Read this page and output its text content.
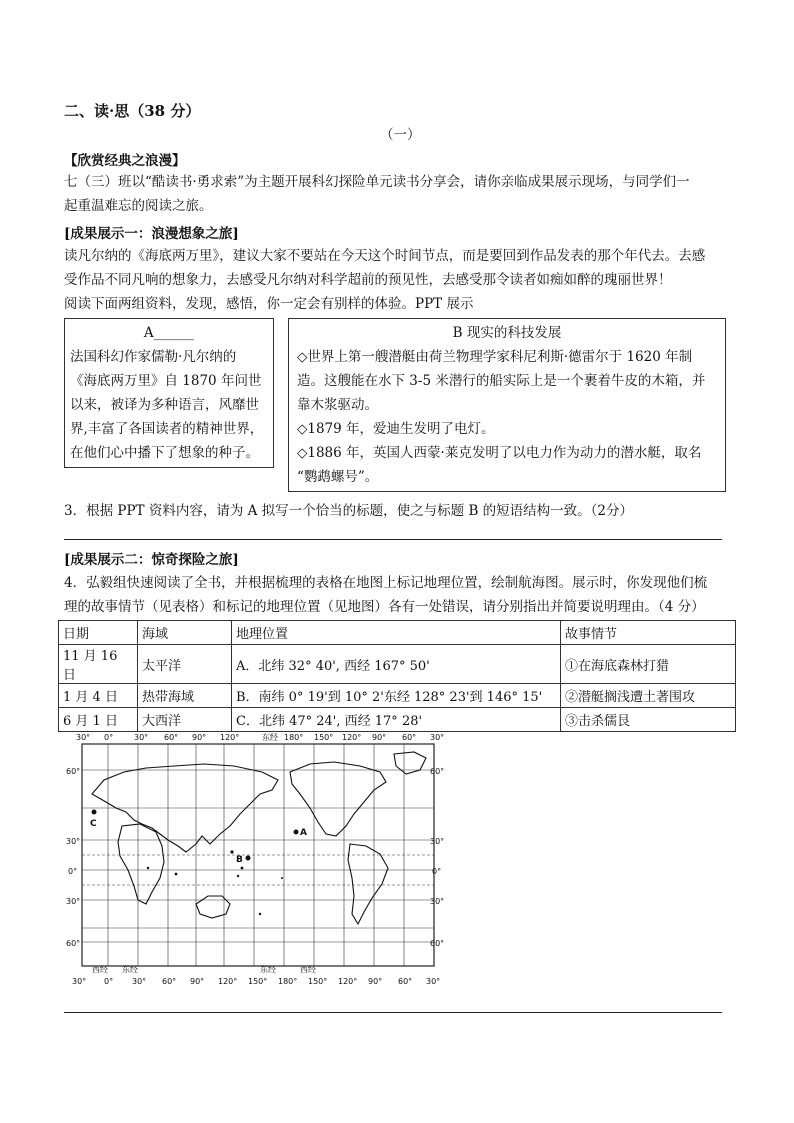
二、读·思（38 分）
（一）
【欣赏经典之浪漫】
七（三）班以“酷读书·勇求索”为主题开展科幻探险单元读书分享会，请你亲临成果展示现场，与同学们一
起重温难忘的阅读之旅。
[成果展示一：浪漫想象之旅]
读凡尔纳的《海底两万里》，建议大家不要站在今天这个时间节点，而是要回到作品发表的那个年代去。去感
受作品不同凡响的想象力，去感受凡尔纳对科学超前的预见性，去感受那令读者如痴如醉的瑰丽世界！
阅读下面两组资料，发现，感悟，你一定会有别样的体验。PPT 展示
A______
法国科幻作家儒勒·凡尔纳的
《海底两万里》自 1870 年问世
以来，被译为多种语言，风靡世
界,丰富了各国读者的精神世界，
在他们心中播下了想象的种子。
B 现实的科技发展
◇世界上第一艘潜艇由荷兰物理学家科尼利斯·德雷尔于 1620 年制
造。这艘能在水下 3-5 米潜行的船实际上是一个裹着牛皮的木箱，并
靠木浆驱动。
◇1879 年，爱迪生发明了电灯。
◇1886 年，英国人西蒙·莱克发明了以电力作为动力的潜水艇，取名
“鹦鹉螺号”。
3．根据 PPT 资料内容，请为 A 拟写一个恰当的标题，使之与标题 B 的短语结构一致。（2分）
[成果展示二：惊奇探险之旅]
4．弘毅组快速阅读了全书，并根据梳理的表格在地图上标记地理位置，绘制航海图。展示时，你发现他们梳
理的故事情节（见表格）和标记的地理位置（见地图）各有一处错误，请分别指出并简要说明理由。（4 分）
日期	海域	地理位置	故事情节
11 月 16 日	太平洋	A．北纬 32° 40', 西经 167° 50'	①在海底森林打猎
1 月 4 日	热带海域	B．南纬 0° 19'到 10° 2'东经 128° 23'到 146° 15'	②潜艇搁浅遭土著围攻
6 月 1 日	大西洋	C．北纬 47° 24', 西经 17° 28'	③击杀儒艮
30° 0°	30° 60° 90° 120°	东经 180° 150° 120° 90° 60° 30°
60°
30°
0°
30°
60°
60°
30°
0°
30°
60°
30° 0° 30° 60° 90° 120° 150° 180° 150° 120° 90° 60° 30°
西经 东经	东经	西经
A
B
C
